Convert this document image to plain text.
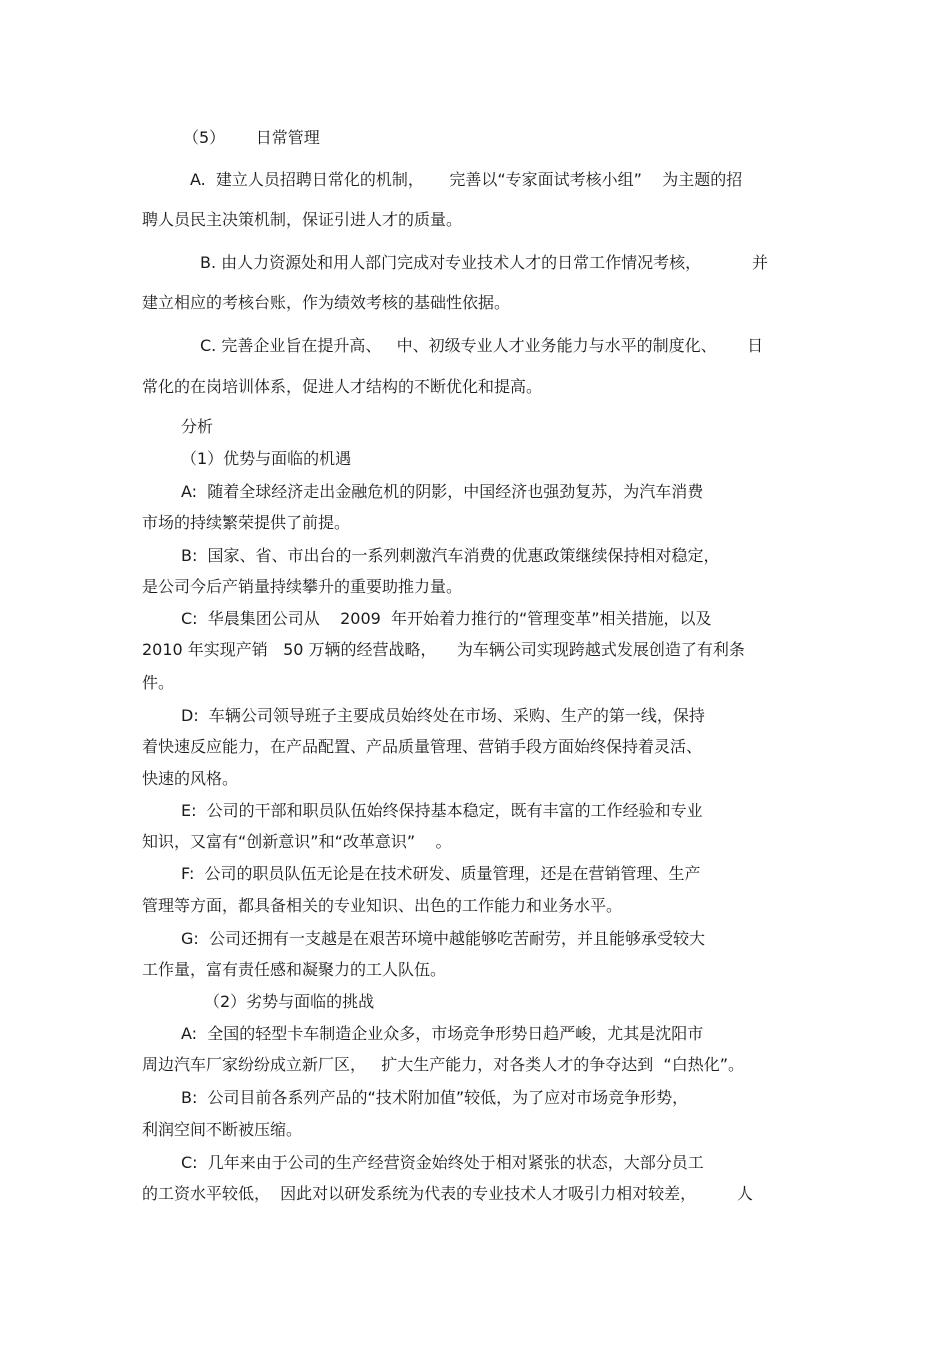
（5）      日常管理
A.  建立人员招聘日常化的机制，     完善以“专家面试考核小组”    为主题的招
聘人员民主决策机制，保证引进人才的质量。
B. 由人力资源处和用人部门完成对专业技术人才的日常工作情况考核，          并
建立相应的考核台账，作为绩效考核的基础性依据。
C. 完善企业旨在提升高、   中、初级专业人才业务能力与水平的制度化、      日
常化的在岗培训体系，促进人才结构的不断优化和提高。
分析
（1）优势与面临的机遇
A:  随着全球经济走出金融危机的阴影，中国经济也强劲复苏，为汽车消费
市场的持续繁荣提供了前提。
B:  国家、省、市出台的一系列刺激汽车消费的优惠政策继续保持相对稳定，
是公司今后产销量持续攀升的重要助推力量。
C:  华晨集团公司从    2009  年开始着力推行的“管理变革”相关措施，以及
2010 年实现产销   50 万辆的经营战略，    为车辆公司实现跨越式发展创造了有利条
件。
D:  车辆公司领导班子主要成员始终处在市场、采购、生产的第一线，保持
着快速反应能力，在产品配置、产品质量管理、营销手段方面始终保持着灵活、
快速的风格。
E:  公司的干部和职员队伍始终保持基本稳定，既有丰富的工作经验和专业
知识，又富有“创新意识”和“改革意识”    。
F:  公司的职员队伍无论是在技术研发、质量管理，还是在营销管理、生产
管理等方面，都具备相关的专业知识、出色的工作能力和业务水平。
G:  公司还拥有一支越是在艰苦环境中越能够吃苦耐劳，并且能够承受较大
工作量，富有责任感和凝聚力的工人队伍。
（2）劣势与面临的挑战
A:  全国的轻型卡车制造企业众多，市场竞争形势日趋严峻，尤其是沈阳市
周边汽车厂家纷纷成立新厂区，   扩大生产能力，对各类人才的争夺达到  “白热化”。
B:  公司目前各系列产品的“技术附加值”较低，为了应对市场竞争形势，
利润空间不断被压缩。
C:  几年来由于公司的生产经营资金始终处于相对紧张的状态，大部分员工
的工资水平较低，  因此对以研发系统为代表的专业技术人才吸引力相对较差，        人
